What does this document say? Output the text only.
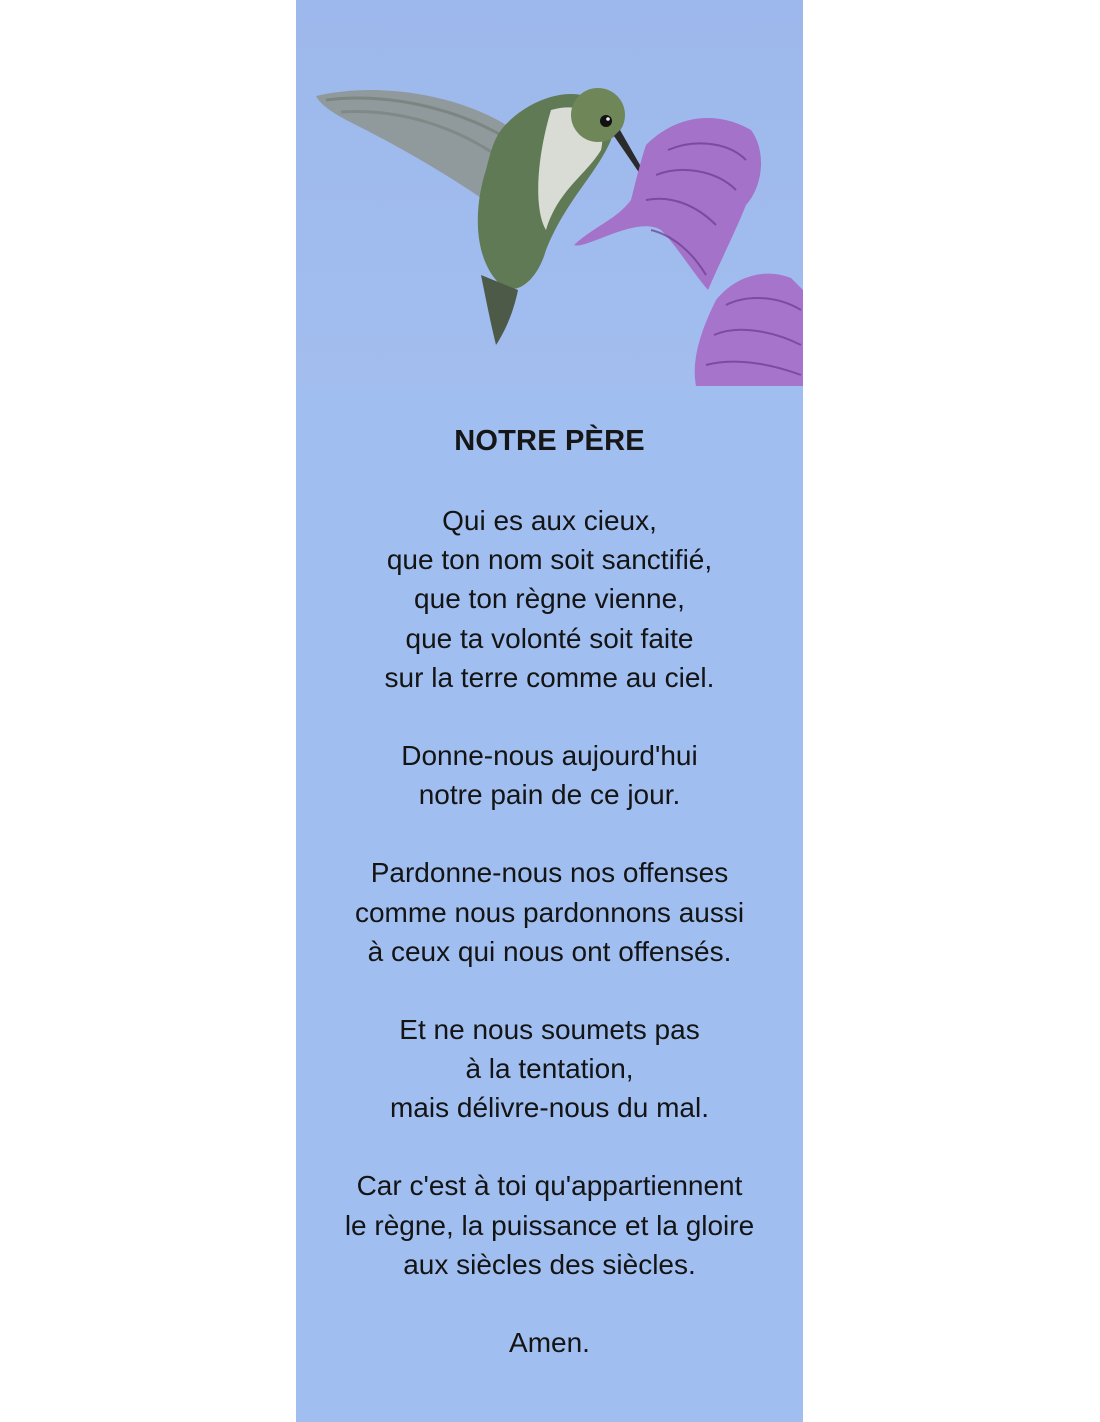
NOTRE PÈRE
Qui es aux cieux,
que ton nom soit sanctifié,
que ton règne vienne,
que ta volonté soit faite
sur la terre comme au ciel.
Donne-nous aujourd'hui
notre pain de ce jour.
Pardonne-nous nos offenses
comme nous pardonnons aussi
à ceux qui nous ont offensés.
Et ne nous soumets pas
à la tentation,
mais délivre-nous du mal.
Car c'est à toi qu'appartiennent
le règne, la puissance et la gloire
aux siècles des siècles.
Amen.
